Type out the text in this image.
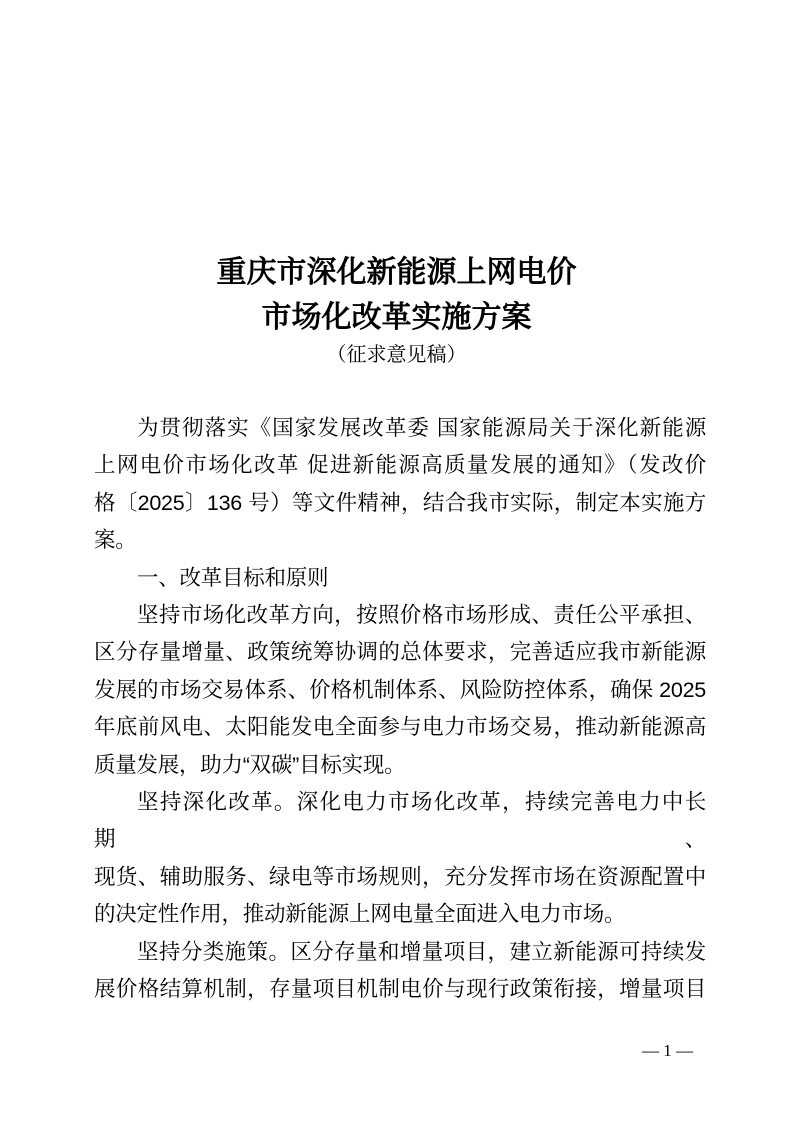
重庆市深化新能源上网电价
市场化改革实施方案
（征求意见稿）
为贯彻落实《国家发展改革委 国家能源局关于深化新能源
上网电价市场化改革 促进新能源高质量发展的通知》（发改价
格〔2025〕136 号）等文件精神，结合我市实际，制定本实施方
案。
一、改革目标和原则
坚持市场化改革方向，按照价格市场形成、责任公平承担、
区分存量增量、政策统筹协调的总体要求，完善适应我市新能源
发展的市场交易体系、价格机制体系、风险防控体系，确保 2025
年底前风电、太阳能发电全面参与电力市场交易，推动新能源高
质量发展，助力“双碳”目标实现。
坚持深化改革。深化电力市场化改革，持续完善电力中长期、
现货、辅助服务、绿电等市场规则，充分发挥市场在资源配置中
的决定性作用，推动新能源上网电量全面进入电力市场。
坚持分类施策。区分存量和增量项目，建立新能源可持续发
展价格结算机制，存量项目机制电价与现行政策衔接，增量项目
— 1 —
